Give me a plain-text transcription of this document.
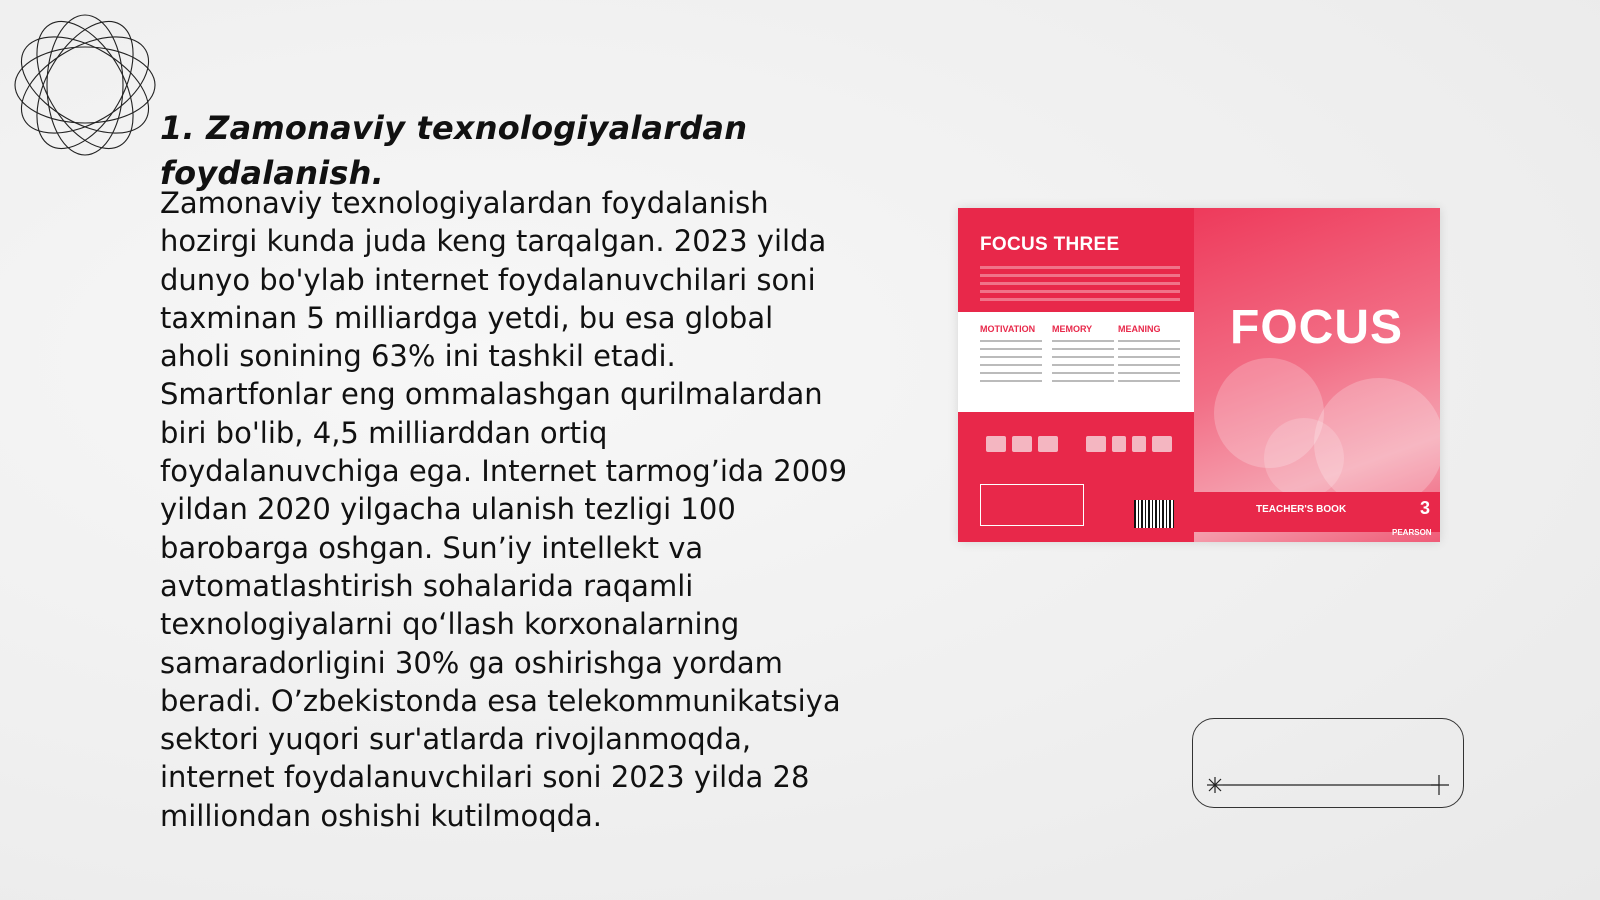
1. Zamonaviy texnologiyalardan foydalanish.

Zamonaviy texnologiyalardan foydalanish hozirgi kunda juda keng tarqalgan. 2023 yilda dunyo bo'ylab internet foydalanuvchilari soni taxminan 5 milliardga yetdi, bu esa global aholi sonining 63% ini tashkil etadi. Smartfonlar eng ommalashgan qurilmalardan biri bo'lib, 4,5 milliarddan ortiq foydalanuvchiga ega. Internet tarmog’ida 2009 yildan 2020 yilgacha ulanish tezligi 100 barobarga oshgan. Sun’iy intellekt va avtomatlashtirish sohalarida raqamli texnologiyalarni qo‘llash korxonalarning samaradorligini 30% ga oshirishga yordam beradi. O’zbekistonda esa telekommunikatsiya sektori yuqori sur'atlarda rivojlanmoqda, internet foydalanuvchilari soni 2023 yilda 28 milliondan oshishi kutilmoqda.

FOCUS THREE
MOTIVATION	MEMORY	MEANING	FOCUS
TEACHER'S BOOK	3
PEARSON
